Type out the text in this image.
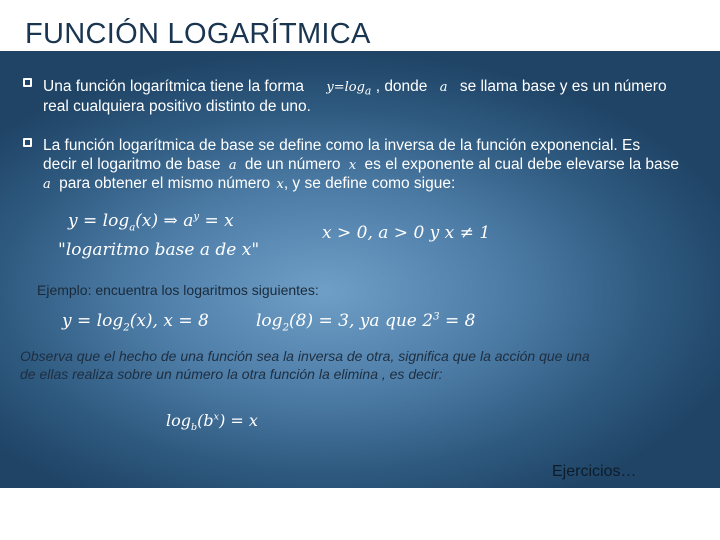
FUNCIÓN LOGARÍTMICA
Una función logarítmica tiene la forma $y=\log_a$ , donde a se llama base y es un número
real cualquiera positivo distinto de uno.
La función logarítmica de base se define como la inversa de la función exponencial. Es
decir el logaritmo de base a de un número x es el exponente al cual debe elevarse la base
a para obtener el mismo número x, y se define como sigue:
$y = \log_a(x)$ ⇒ $a^y = x$
"logaritmo base a de x"
x > 0, a > 0 y x ≠ 1
Ejemplo: encuentra los logaritmos siguientes:
$y = \log_2(x)$, x = 8	$\log_2(8) = 3$, ya que $2^3 = 8$
Observa que el hecho de una función sea la inversa de otra, significa que la acción que una
de ellas realiza sobre un número la otra función la elimina , es decir:
$\log_b(b^x) = x$
Ejercicios…
